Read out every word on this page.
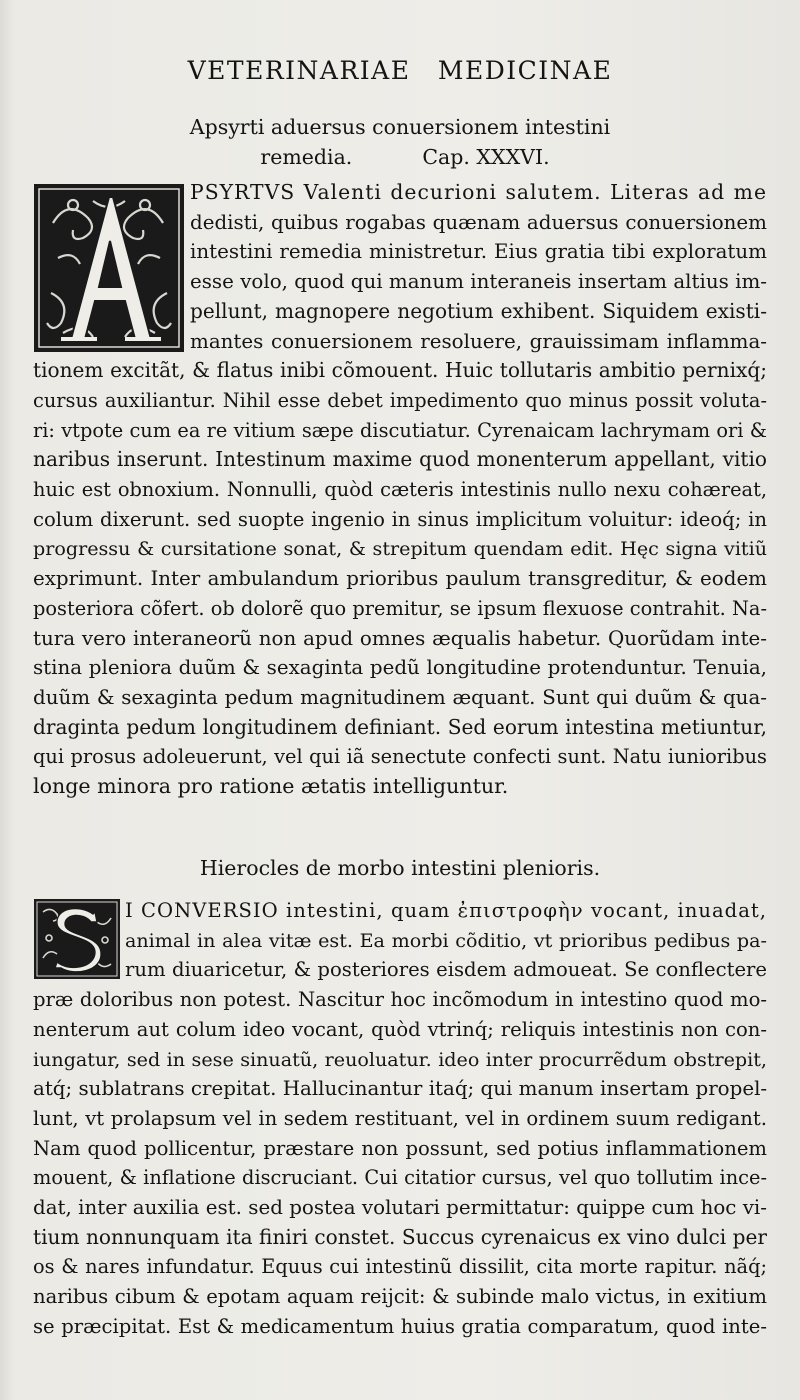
VETERINARIAE MEDICINAE
Apsyrti aduersus conuersionem intestini
remedia.	Cap. XXXVI.
PSYRTVS Valenti decurioni salutem. Literas ad me
dedisti, quibus rogabas quænam aduersus conuersionem
intestini remedia ministretur. Eius gratia tibi exploratum
esse volo, quod qui manum interaneis insertam altius im-
pellunt, magnopere negotium exhibent. Siquidem existi-
mantes conuersionem resoluere, grauissimam inflamma-
tionem excitãt, & flatus inibi cõmouent. Huic tollutaris ambitio pernixq́;
cursus auxiliantur. Nihil esse debet impedimento quo minus possit voluta-
ri: vtpote cum ea re vitium sæpe discutiatur. Cyrenaicam lachrymam ori &
naribus inserunt. Intestinum maxime quod monenterum appellant, vitio
huic est obnoxium. Nonnulli, quòd cæteris intestinis nullo nexu cohæreat,
colum dixerunt. sed suopte ingenio in sinus implicitum voluitur: ideoq́; in
progressu & cursitatione sonat, & strepitum quendam edit. Hęc signa vitiũ
exprimunt. Inter ambulandum prioribus paulum transgreditur, & eodem
posteriora cõfert. ob dolorẽ quo premitur, se ipsum flexuose contrahit. Na-
tura vero interaneorũ non apud omnes æqualis habetur. Quorũdam inte-
stina pleniora duũm & sexaginta pedũ longitudine protenduntur. Tenuia,
duũm & sexaginta pedum magnitudinem æquant. Sunt qui duũm & qua-
draginta pedum longitudinem definiant. Sed eorum intestina metiuntur,
qui prosus adoleuerunt, vel qui iã senectute confecti sunt. Natu iunioribus
longe minora pro ratione ætatis intelliguntur.
Hierocles de morbo intestini plenioris.
I CONVERSIO intestini, quam ἐπιστροφὴν vocant, inuadat,
animal in alea vitæ est. Ea morbi cõditio, vt prioribus pedibus pa-
rum diuaricetur, & posteriores eisdem admoueat. Se conflectere
præ doloribus non potest. Nascitur hoc incõmodum in intestino quod mo-
nenterum aut colum ideo vocant, quòd vtrinq́; reliquis intestinis non con-
iungatur, sed in sese sinuatũ, reuoluatur. ideo inter procurrẽdum obstrepit,
atq́; sublatrans crepitat. Hallucinantur itaq́; qui manum insertam propel-
lunt, vt prolapsum vel in sedem restituant, vel in ordinem suum redigant.
Nam quod pollicentur, præstare non possunt, sed potius inflammationem
mouent, & inflatione discruciant. Cui citatior cursus, vel quo tollutim ince-
dat, inter auxilia est. sed postea volutari permittatur: quippe cum hoc vi-
tium nonnunquam ita finiri constet. Succus cyrenaicus ex vino dulci per
os & nares infundatur. Equus cui intestinũ dissilit, cita morte rapitur. nãq́;
naribus cibum & epotam aquam reijcit: & subinde malo victus, in exitium
se præcipitat. Est & medicamentum huius gratia comparatum, quod inte-
